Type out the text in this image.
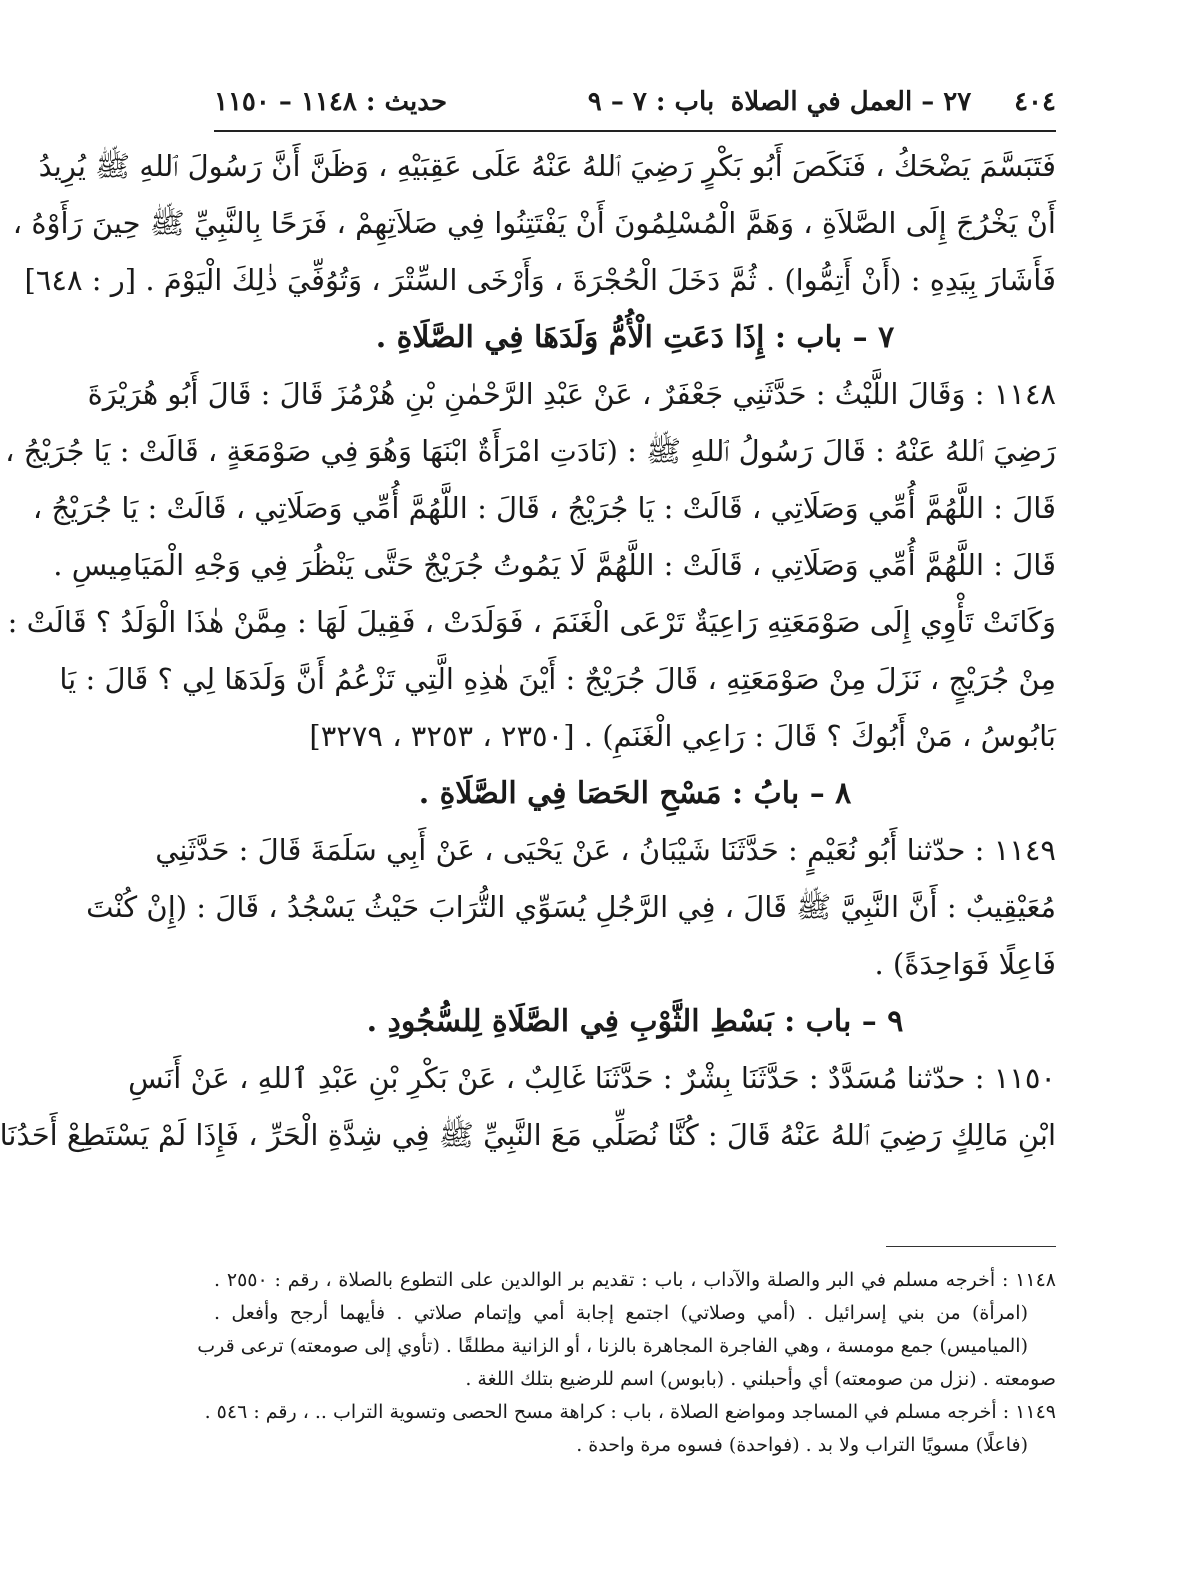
٤٠٤
٢٧ – العمل في الصلاة
باب : ٧ – ٩
حديث : ١١٤٨ – ١١٥٠
فَتَبَسَّمَ يَضْحَكُ ، فَنَكَصَ أَبُو بَكْرٍ رَضِيَ ٱللهُ عَنْهُ عَلَى عَقِبَيْهِ ، وَظَنَّ أَنَّ رَسُولَ ٱللهِ ﷺ يُرِيدُ
أَنْ يَخْرُجَ إِلَى الصَّلاَةِ ، وَهَمَّ الْمُسْلِمُونَ أَنْ يَفْتَتِنُوا فِي صَلاَتِهِمْ ، فَرَحًا بِالنَّبِيِّ ﷺ حِينَ رَأَوْهُ ،
فَأَشَارَ بِيَدِهِ : (أَنْ أَتِمُّوا) . ثُمَّ دَخَلَ الْحُجْرَةَ ، وَأَرْخَى السِّتْرَ ، وَتُوُفِّيَ ذٰلِكَ الْيَوْمَ . [ر : ٦٤٨]
٧ – باب : إِذَا دَعَتِ الْأُمُّ وَلَدَهَا فِي الصَّلَاةِ .
١١٤٨ : وَقَالَ اللَّيْثُ : حَدَّثَنِي جَعْفَرٌ ، عَنْ عَبْدِ الرَّحْمٰنِ بْنِ هُرْمُزَ قَالَ : قَالَ أَبُو هُرَيْرَةَ
رَضِيَ ٱللهُ عَنْهُ : قَالَ رَسُولُ ٱللهِ ﷺ : (نَادَتِ امْرَأَةٌ ابْنَهَا وَهُوَ فِي صَوْمَعَةٍ ، قَالَتْ : يَا جُرَيْجُ ،
قَالَ : اللَّهُمَّ أُمِّي وَصَلَاتِي ، قَالَتْ : يَا جُرَيْجُ ، قَالَ : اللَّهُمَّ أُمِّي وَصَلَاتِي ، قَالَتْ : يَا جُرَيْجُ ،
قَالَ : اللَّهُمَّ أُمِّي وَصَلَاتِي ، قَالَتْ : اللَّهُمَّ لَا يَمُوتُ جُرَيْجٌ حَتَّى يَنْظُرَ فِي وَجْهِ الْمَيَامِيسِ .
وَكَانَتْ تَأْوِي إِلَى صَوْمَعَتِهِ رَاعِيَةٌ تَرْعَى الْغَنَمَ ، فَوَلَدَتْ ، فَقِيلَ لَهَا : مِمَّنْ هٰذَا الْوَلَدُ ؟ قَالَتْ :
مِنْ جُرَيْجٍ ، نَزَلَ مِنْ صَوْمَعَتِهِ ، قَالَ جُرَيْجٌ : أَيْنَ هٰذِهِ الَّتِي تَزْعُمُ أَنَّ وَلَدَهَا لِي ؟ قَالَ : يَا
بَابُوسُ ، مَنْ أَبُوكَ ؟ قَالَ : رَاعِي الْغَنَمِ) . [٢٣٥٠ ، ٣٢٥٣ ، ٣٢٧٩]
٨ – بابُ : مَسْحِ الحَصَا فِي الصَّلَاةِ .
١١٤٩ : حدّثنا أَبُو نُعَيْمٍ : حَدَّثَنَا شَيْبَانُ ، عَنْ يَحْيَى ، عَنْ أَبِي سَلَمَةَ قَالَ : حَدَّثَنِي
مُعَيْقِيبٌ : أَنَّ النَّبِيَّ ﷺ قَالَ ، فِي الرَّجُلِ يُسَوِّي التُّرَابَ حَيْثُ يَسْجُدُ ، قَالَ : (إِنْ كُنْتَ
فَاعِلًا فَوَاحِدَةً) .
٩ – باب : بَسْطِ الثَّوْبِ فِي الصَّلَاةِ لِلسُّجُودِ .
١١٥٠ : حدّثنا مُسَدَّدٌ : حَدَّثَنَا بِشْرٌ : حَدَّثَنَا غَالِبٌ ، عَنْ بَكْرِ بْنِ عَبْدِ ٱللهِ ، عَنْ أَنَسِ
ابْنِ مَالِكٍ رَضِيَ ٱللهُ عَنْهُ قَالَ : كُنَّا نُصَلِّي مَعَ النَّبِيِّ ﷺ فِي شِدَّةِ الْحَرِّ ، فَإِذَا لَمْ يَسْتَطِعْ أَحَدُنَا
١١٤٨ : أخرجه مسلم في البر والصلة والآداب ، باب : تقديم بر الوالدين على التطوع بالصلاة ، رقم : ٢٥٥٠ .
(امرأة) من بني إسرائيل . (أمي وصلاتي) اجتمع إجابة أمي وإتمام صلاتي . فأيهما أرجح وأفعل .
(الميامیس) جمع مومسة ، وهي الفاجرة المجاهرة بالزنا ، أو الزانية مطلقًا . (تأوي إلى صومعته) ترعى قرب
صومعته . (نزل من صومعته) أي وأحبلني . (بابوس) اسم للرضيع بتلك اللغة .
١١٤٩ : أخرجه مسلم في المساجد ومواضع الصلاة ، باب : كراهة مسح الحصى وتسوية التراب .. ، رقم : ٥٤٦ .
(فاعلًا) مسويًا التراب ولا بد . (فواحدة) فسوه مرة واحدة .
